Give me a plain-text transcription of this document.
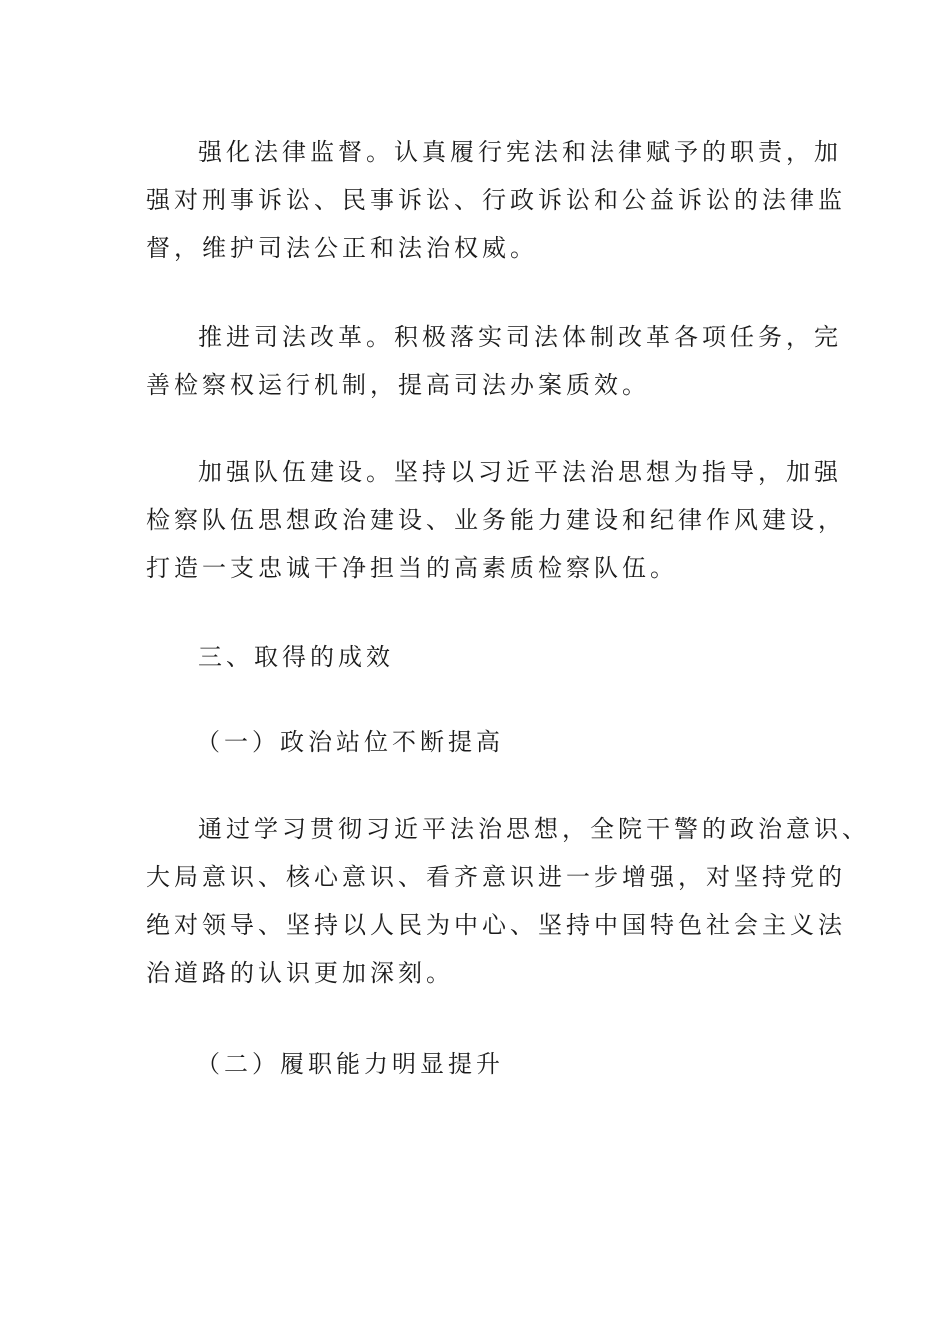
强化法律监督。认真履行宪法和法律赋予的职责，加
强对刑事诉讼、民事诉讼、行政诉讼和公益诉讼的法律监
督，维护司法公正和法治权威。
推进司法改革。积极落实司法体制改革各项任务，完
善检察权运行机制，提高司法办案质效。
加强队伍建设。坚持以习近平法治思想为指导，加强
检察队伍思想政治建设、业务能力建设和纪律作风建设，
打造一支忠诚干净担当的高素质检察队伍。
三、取得的成效
（一）政治站位不断提高
通过学习贯彻习近平法治思想，全院干警的政治意识、
大局意识、核心意识、看齐意识进一步增强，对坚持党的
绝对领导、坚持以人民为中心、坚持中国特色社会主义法
治道路的认识更加深刻。
（二）履职能力明显提升
